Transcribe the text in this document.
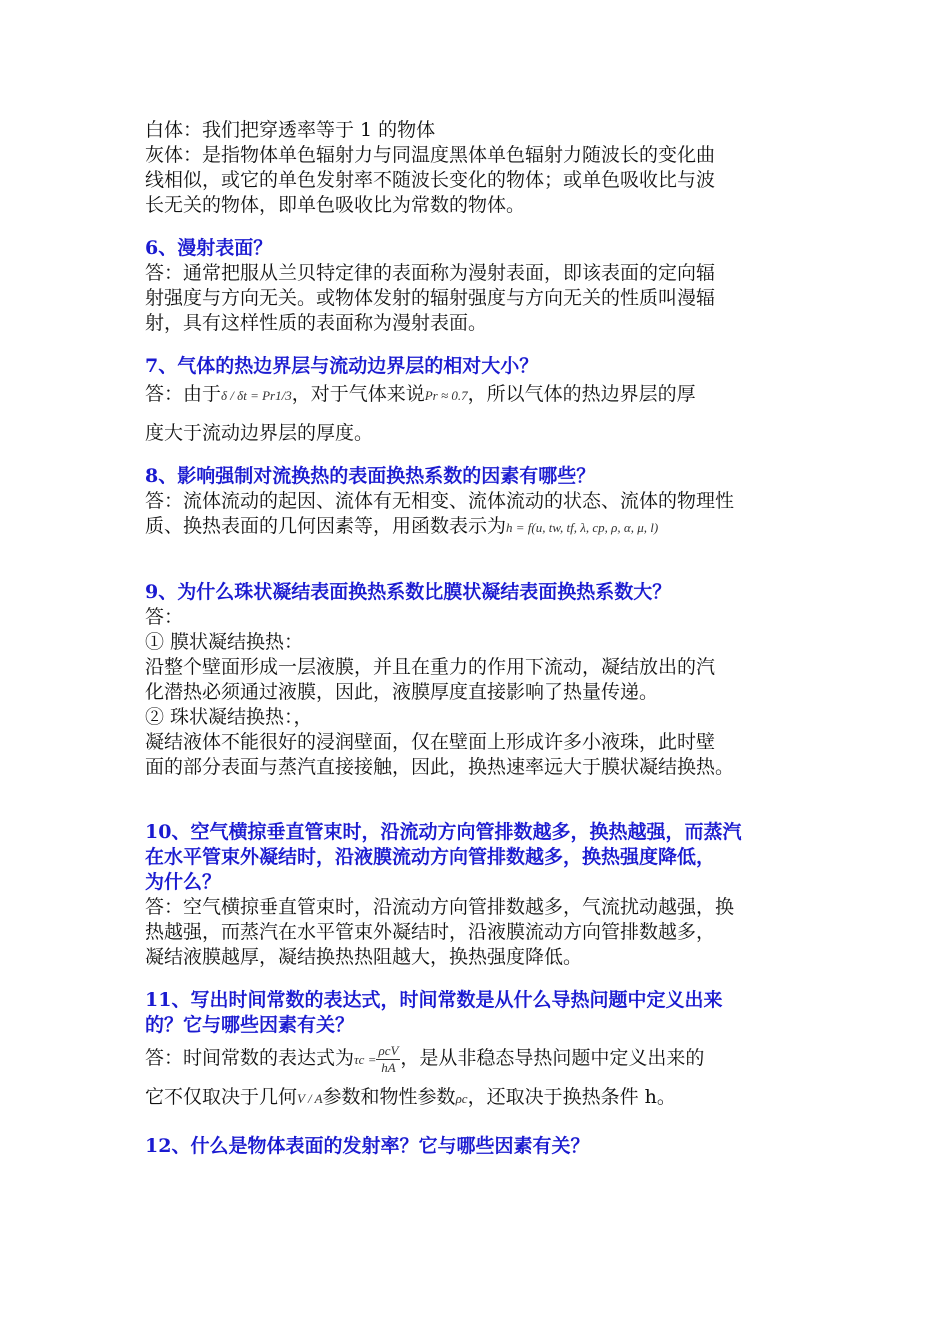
白体：我们把穿透率等于 1 的物体
灰体：是指物体单色辐射力与同温度黑体单色辐射力随波长的变化曲
线相似，或它的单色发射率不随波长变化的物体；或单色吸收比与波
长无关的物体，即单色吸收比为常数的物体。
6、漫射表面？
答：通常把服从兰贝特定律的表面称为漫射表面，即该表面的定向辐
射强度与方向无关。或物体发射的辐射强度与方向无关的性质叫漫辐
射，具有这样性质的表面称为漫射表面。
7、气体的热边界层与流动边界层的相对大小？
答：由于δ / δt = Pr1/3，对于气体来说Pr ≈ 0.7，所以气体的热边界层的厚
度大于流动边界层的厚度。
8、影响强制对流换热的表面换热系数的因素有哪些？
答：流体流动的起因、流体有无相变、流体流动的状态、流体的物理性
质、换热表面的几何因素等，用函数表示为h = f(u, tw, tf, λ, cp, ρ, α, μ, l)
9、为什么珠状凝结表面换热系数比膜状凝结表面换热系数大？
答：
① 膜状凝结换热：
沿整个壁面形成一层液膜，并且在重力的作用下流动，凝结放出的汽
化潜热必须通过液膜，因此，液膜厚度直接影响了热量传递。
② 珠状凝结换热：，
凝结液体不能很好的浸润壁面，仅在壁面上形成许多小液珠，此时壁
面的部分表面与蒸汽直接接触，因此，换热速率远大于膜状凝结换热。
10、空气横掠垂直管束时，沿流动方向管排数越多，换热越强，而蒸汽
在水平管束外凝结时，沿液膜流动方向管排数越多，换热强度降低，
为什么？
答：空气横掠垂直管束时，沿流动方向管排数越多，气流扰动越强，换
热越强，而蒸汽在水平管束外凝结时，沿液膜流动方向管排数越多，
凝结液膜越厚，凝结换热热阻越大，换热强度降低。
11、写出时间常数的表达式，时间常数是从什么导热问题中定义出来
的？它与哪些因素有关？
答：时间常数的表达式为$\tau c = \frac{\text{ρcV}}{hA}$ ，是从非稳态导热问题中定义出来的
它不仅取决于几何V / A参数和物性参数ρc，还取决于换热条件 h。
12、什么是物体表面的发射率？它与哪些因素有关？
